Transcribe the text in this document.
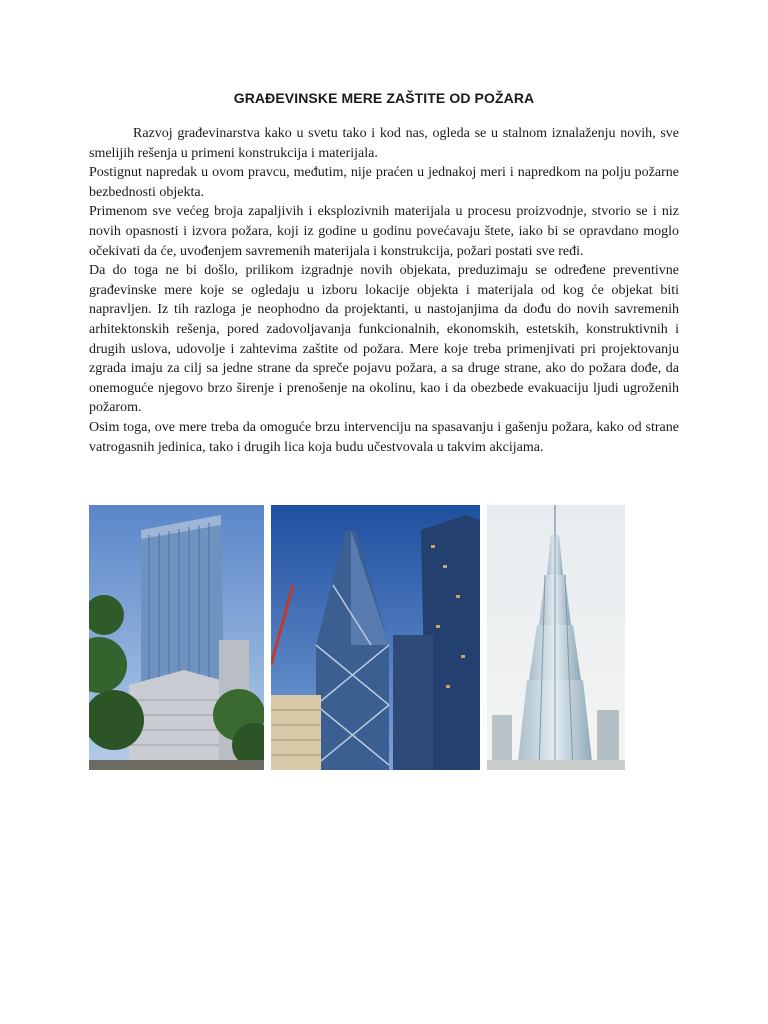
GRAĐEVINSKE MERE ZAŠTITE OD POŽARA

Razvoj građevinarstva kako u svetu tako i kod nas, ogleda se u stalnom iznalaženju novih, sve smelijih rešenja u primeni konstrukcija i materijala.

Postignut napredak u ovom pravcu, međutim, nije praćen u jednakoj meri i napredkom na polju požarne bezbednosti objekta.

Primenom sve većeg broja zapaljivih i eksplozivnih materijala u procesu proizvodnje, stvorio se i niz novih opasnosti i izvora požara, koji iz godine u godinu povećavaju štete, iako bi se opravdano moglo očekivati da će, uvođenjem savremenih materijala i konstrukcija, požari postati sve ređi.

Da do toga ne bi došlo, prilikom izgradnje novih objekata, preduzimaju se određene preventivne građevinske mere koje se ogledaju u izboru lokacije objekta i materijala od kog će objekat biti napravljen. Iz tih razloga je neophodno da projektanti, u nastojanjima da dođu do novih savremenih arhitektonskih rešenja, pored zadovoljavanja funkcionalnih, ekonomskih, estetskih, konstruktivnih i drugih uslova, udovolje i zahtevima zaštite od požara. Mere koje treba primenjivati pri projektovanju zgrada imaju za cilj sa jedne strane da spreče pojavu požara, a sa druge strane, ako do požara dođe, da onemoguće njegovo brzo širenje i prenošenje na okolinu, kao i da obezbede evakuaciju ljudi ugroženih požarom.

Osim toga, ove mere treba da omoguće brzu intervenciju na spasavanju i gašenju požara, kako od strane vatrogasnih jedinica, tako i drugih lica koja budu učestvovala u takvim akcijama.
